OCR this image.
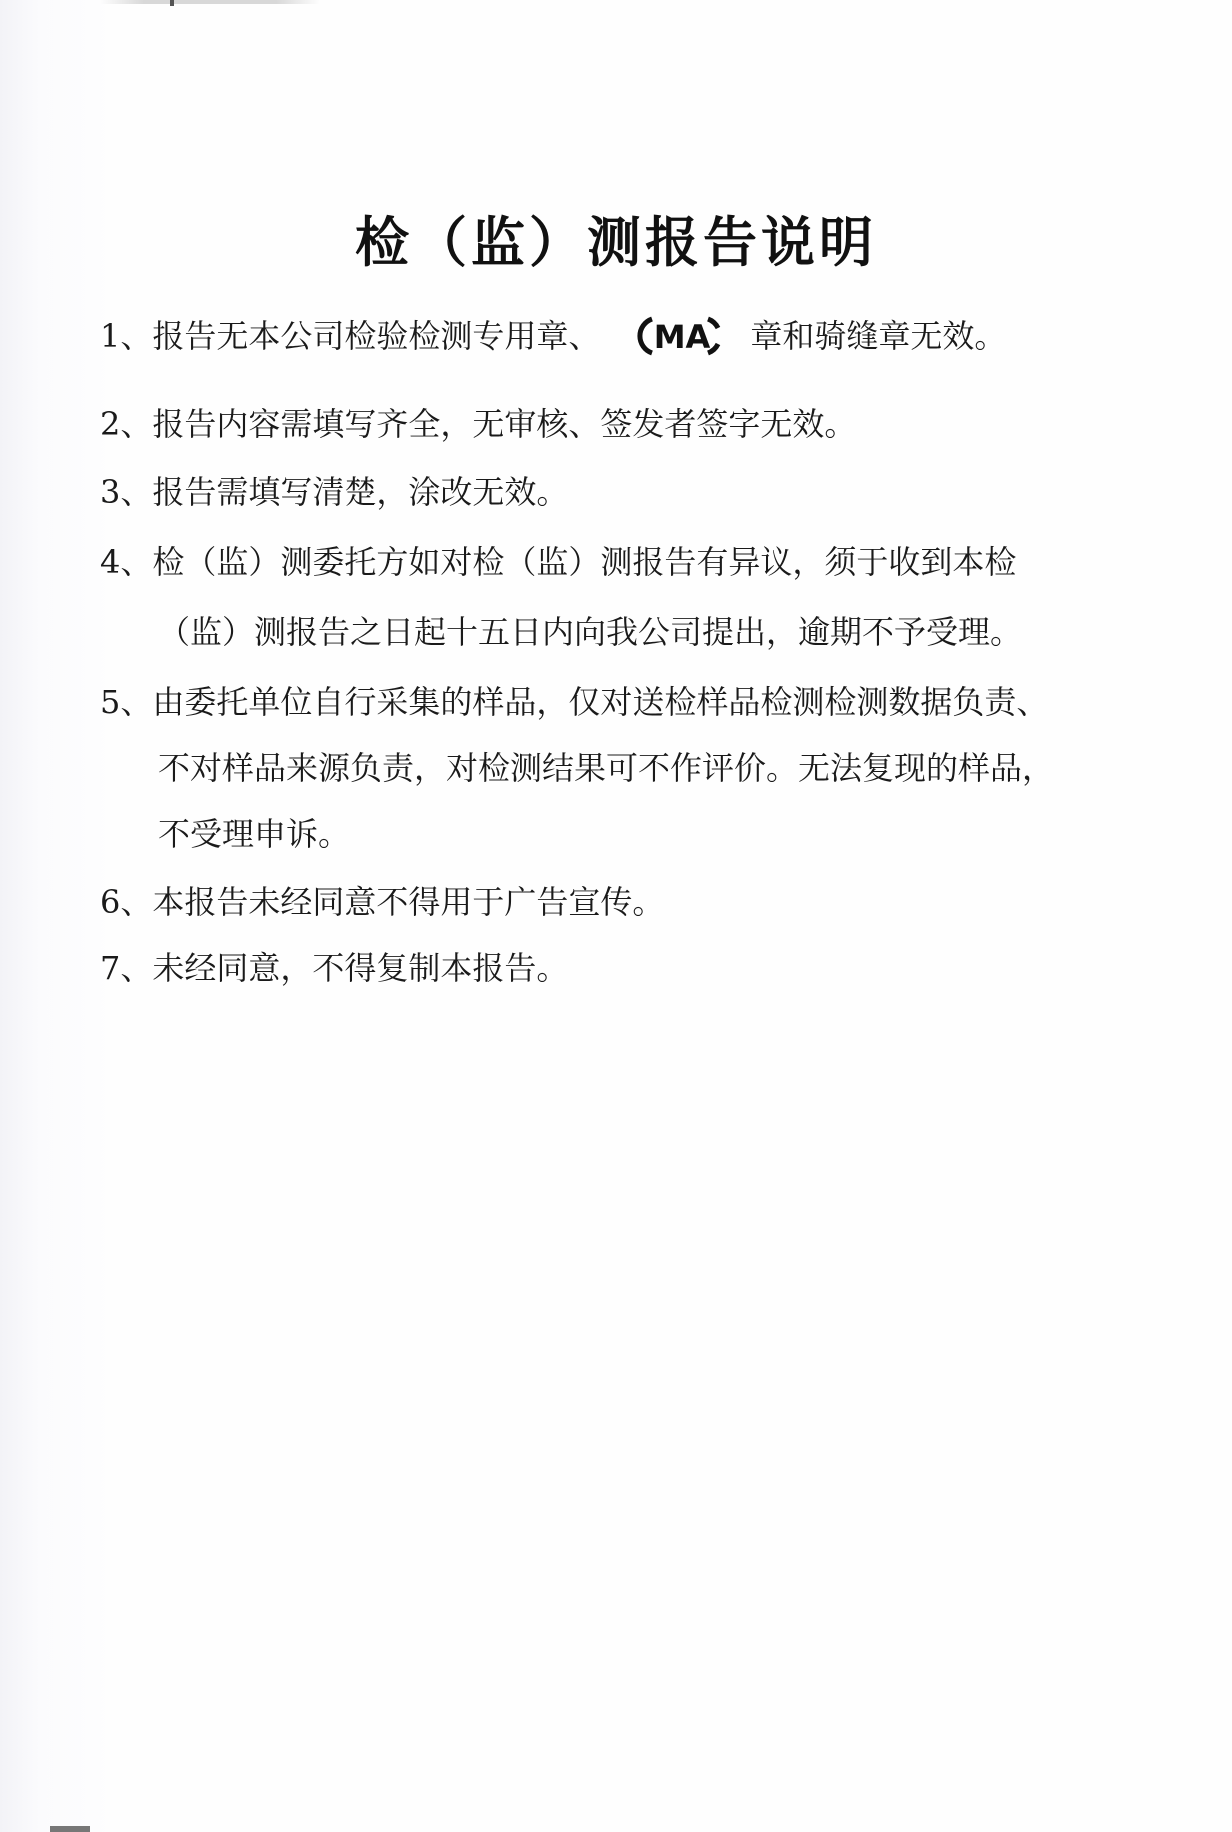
检（监）测报告说明
1、报告无本公司检验检测专用章、 MA 章和骑缝章无效。
2、报告内容需填写齐全，无审核、签发者签字无效。
3、报告需填写清楚，涂改无效。
4、检（监）测委托方如对检（监）测报告有异议，须于收到本检
（监）测报告之日起十五日内向我公司提出，逾期不予受理。
5、由委托单位自行采集的样品，仅对送检样品检测检测数据负责、
不对样品来源负责，对检测结果可不作评价。无法复现的样品，
不受理申诉。
6、本报告未经同意不得用于广告宣传。
7、未经同意，不得复制本报告。
